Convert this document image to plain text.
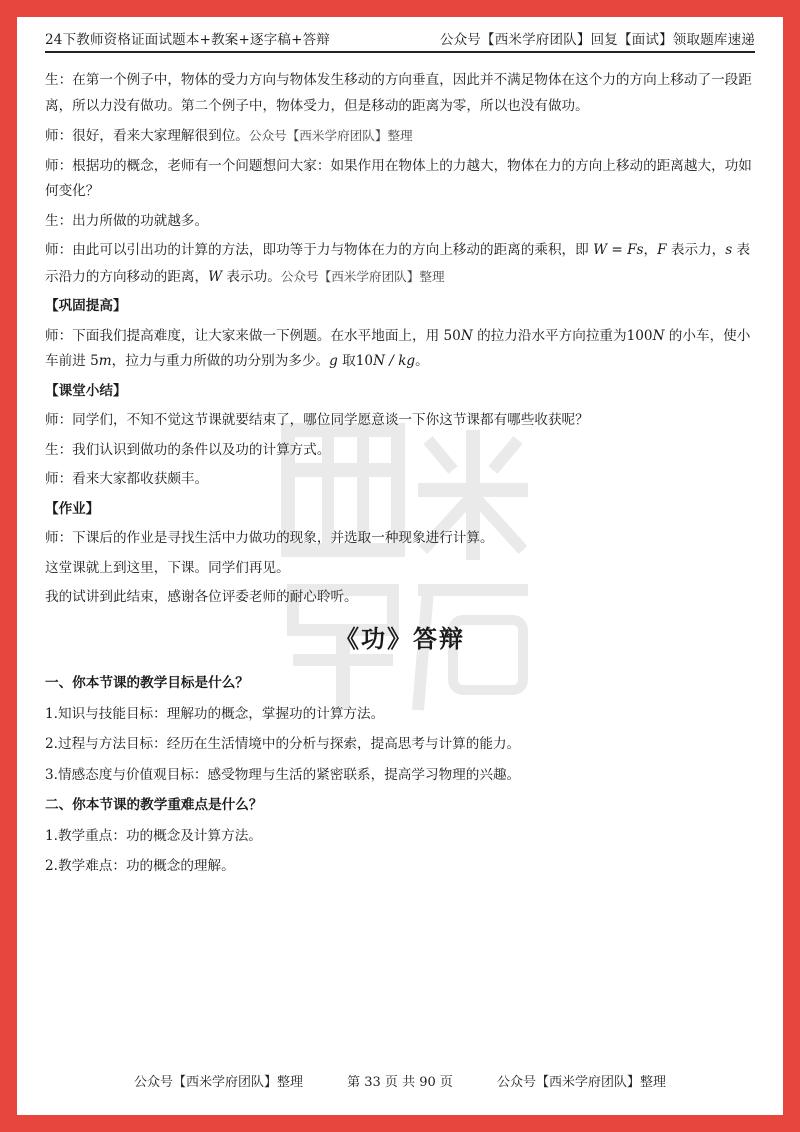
24下教师资格证面试题本+教案+逐字稿+答辩	公众号【西米学府团队】回复【面试】领取题库速递

生：在第一个例子中，物体的受力方向与物体发生移动的方向垂直，因此并不满足物体在这个力的方向上移动了一段距离，所以力没有做功。第二个例子中，物体受力，但是移动的距离为零，所以也没有做功。

师：很好，看来大家理解很到位。公众号【西米学府团队】整理

师：根据功的概念，老师有一个问题想问大家：如果作用在物体上的力越大，物体在力的方向上移动的距离越大，功如何变化？

生：出力所做的功就越多。

师：由此可以引出功的计算的方法，即功等于力与物体在力的方向上移动的距离的乘积，即 W = Fs，F 表示力，s 表示沿力的方向移动的距离，W 表示功。公众号【西米学府团队】整理

【巩固提高】

师：下面我们提高难度，让大家来做一下例题。在水平地面上，用 50N 的拉力沿水平方向拉重为100N 的小车，使小车前进 5m，拉力与重力所做的功分别为多少。g 取10N / kg。

【课堂小结】

师：同学们，不知不觉这节课就要结束了，哪位同学愿意谈一下你这节课都有哪些收获呢？

生：我们认识到做功的条件以及功的计算方式。

师：看来大家都收获颇丰。

【作业】

师：下课后的作业是寻找生活中力做功的现象，并选取一种现象进行计算。

这堂课就上到这里，下课。同学们再见。

我的试讲到此结束，感谢各位评委老师的耐心聆听。

《功》答辩

一、你本节课的教学目标是什么？

1.知识与技能目标：理解功的概念，掌握功的计算方法。

2.过程与方法目标：经历在生活情境中的分析与探索，提高思考与计算的能力。

3.情感态度与价值观目标：感受物理与生活的紧密联系，提高学习物理的兴趣。

二、你本节课的教学重难点是什么？

1.教学重点：功的概念及计算方法。

2.教学难点：功的概念的理解。

公众号【西米学府团队】整理	第 33 页 共 90 页	公众号【西米学府团队】整理
